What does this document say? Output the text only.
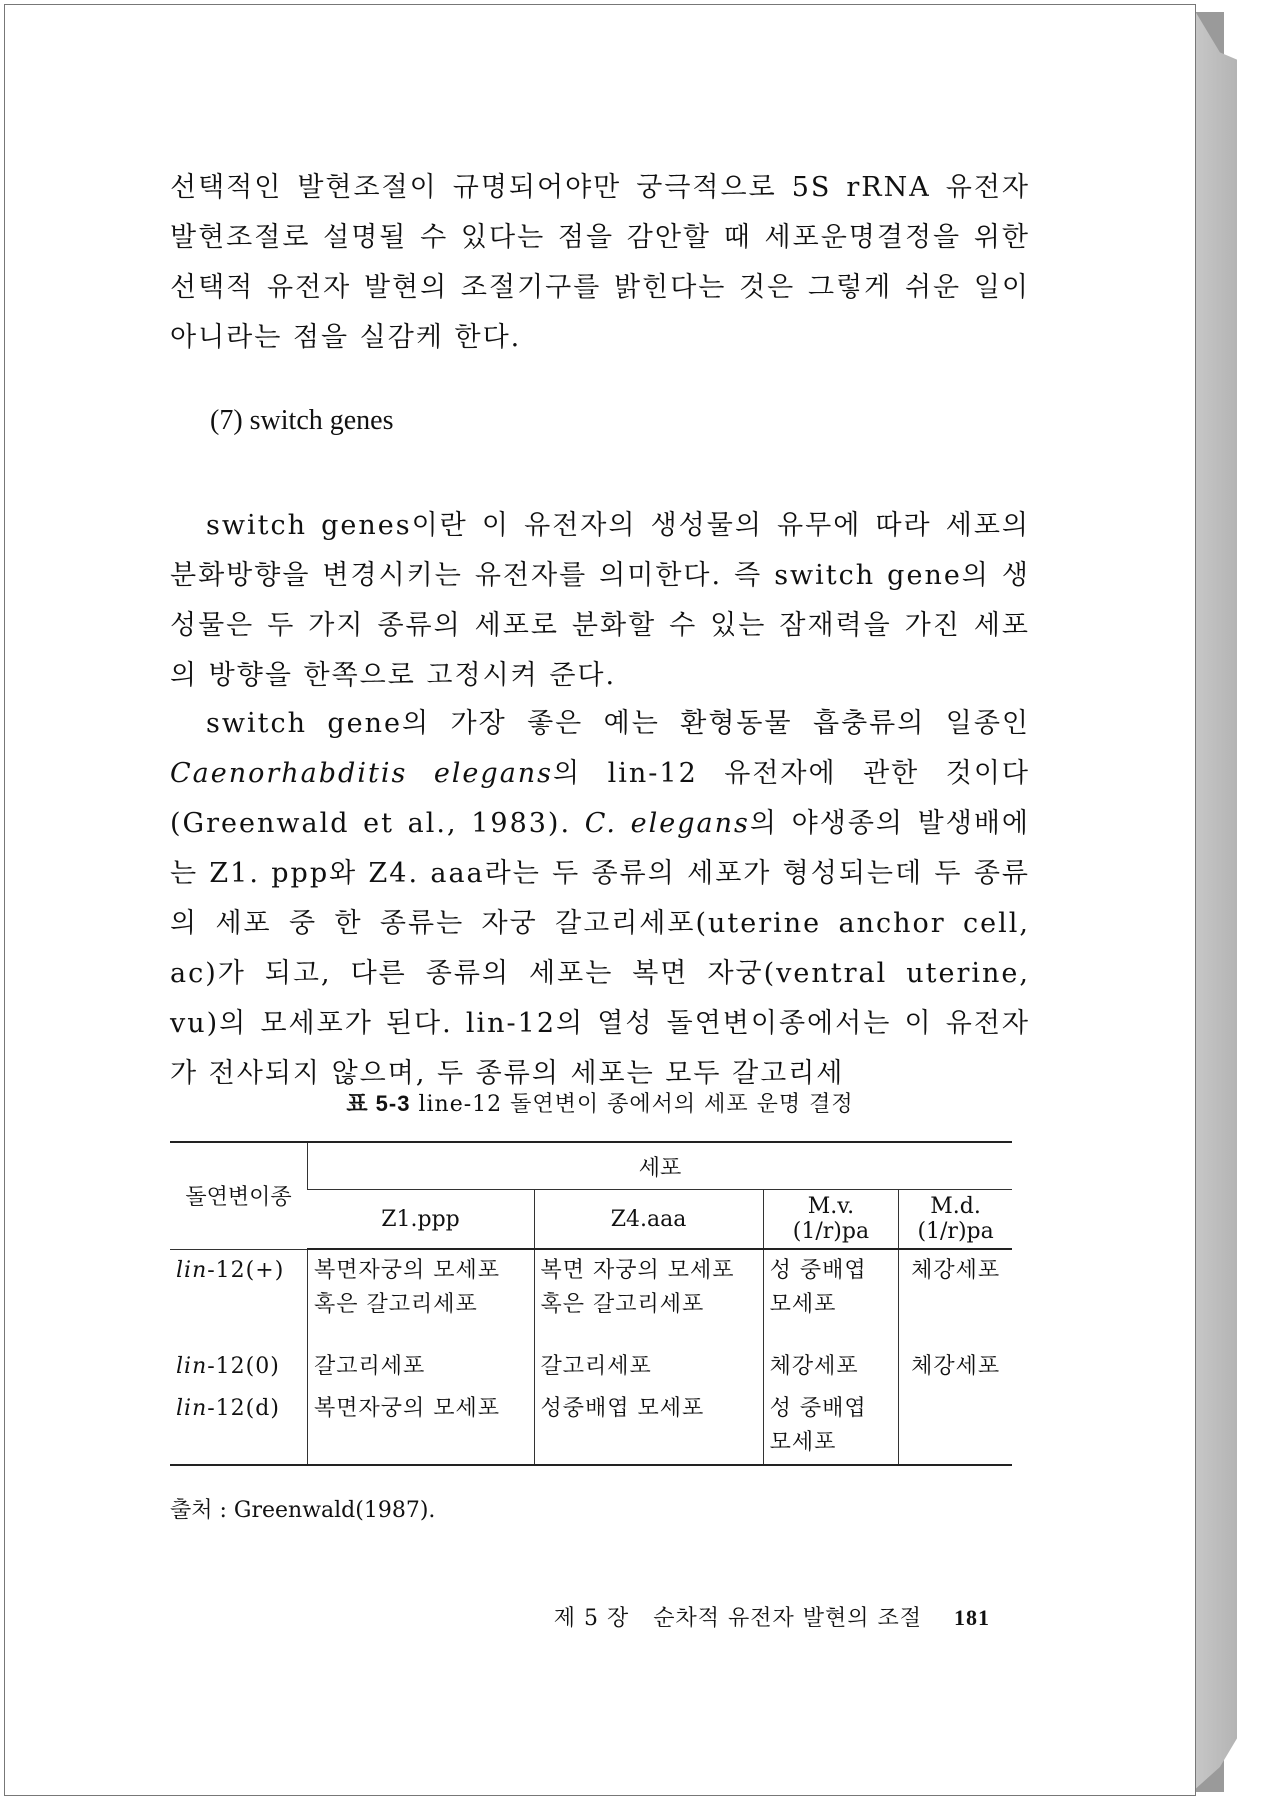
선택적인 발현조절이 규명되어야만 궁극적으로 5S rRNA 유전자 발현조절로 설명될 수 있다는 점을 감안할 때 세포운명결정을 위한 선택적 유전자 발현의 조절기구를 밝힌다는 것은 그렇게 쉬운 일이 아니라는 점을 실감케 한다.

(7) switch genes

switch genes이란 이 유전자의 생성물의 유무에 따라 세포의 분화방향을 변경시키는 유전자를 의미한다. 즉 switch gene의 생성물은 두 가지 종류의 세포로 분화할 수 있는 잠재력을 가진 세포의 방향을 한쪽으로 고정시켜 준다.

switch gene의 가장 좋은 예는 환형동물 흡충류의 일종인 Caenorhabditis elegans의 lin-12 유전자에 관한 것이다(Greenwald et al., 1983). C. elegans의 야생종의 발생배에는 Z1. ppp와 Z4. aaa라는 두 종류의 세포가 형성되는데 두 종류의 세포 중 한 종류는 자궁 갈고리세포(uterine anchor cell, ac)가 되고, 다른 종류의 세포는 복면 자궁(ventral uterine, vu)의 모세포가 된다. lin-12의 열성 돌연변이종에서는 이 유전자가 전사되지 않으며, 두 종류의 세포는 모두 갈고리세

표 5-3 line-12 돌연변이 종에서의 세포 운명 결정
돌연변이종	세포			
	Z1.ppp	Z4.aaa	M.v.(1/r)pa	M.d.(1/r)pa
lin-12(+)	복면자궁의 모세포 혹은 갈고리세포	복면 자궁의 모세포 혹은 갈고리세포	성 중배엽 모세포	체강세포
lin-12(0)	갈고리세포	갈고리세포	체강세포	체강세포
lin-12(d)	복면자궁의 모세포	성중배엽 모세포	성 중배엽 모세포	
출처 : Greenwald(1987).
제 5 장 순차적 유전자 발현의 조절 181
